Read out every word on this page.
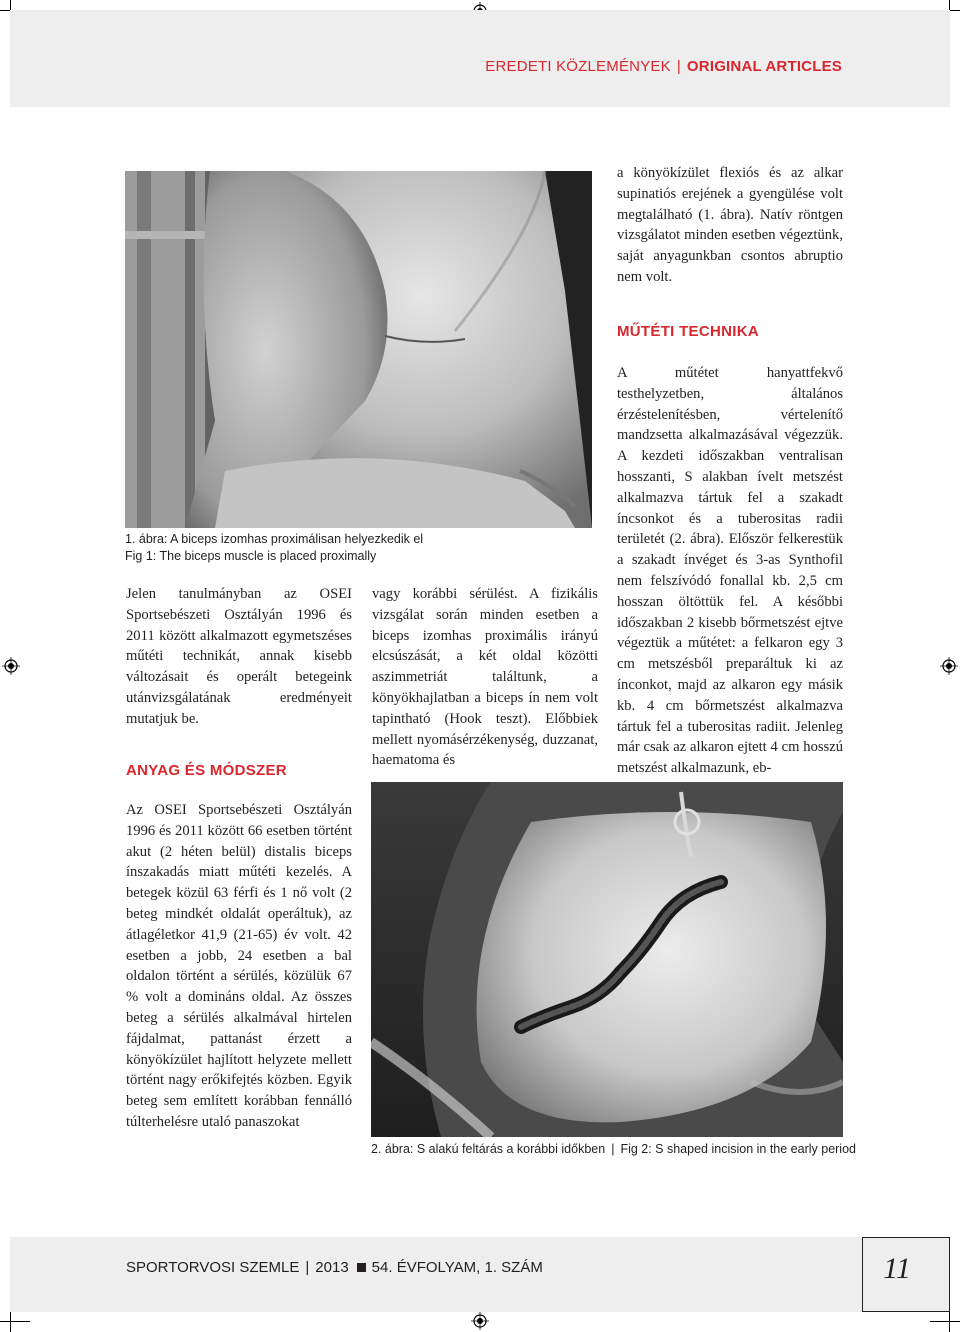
EREDETI KÖZLEMÉNYEK | ORIGINAL ARTICLES
1. ábra: A biceps izomhas proximálisan helyezkedik el
Fig 1: The biceps muscle is placed proximally

Jelen tanulmányban az OSEI Sportsebészeti Osztályán 1996 és 2011 között alkalmazott egymetszéses műtéti technikát, annak kisebb változásait és operált betegeink utánvizsgálatának eredményeit mutatjuk be.

ANYAG ÉS MÓDSZER

Az OSEI Sportsebészeti Osztályán 1996 és 2011 között 66 esetben történt akut (2 héten belül) distalis biceps ínszakadás miatt műtéti kezelés. A betegek közül 63 férfi és 1 nő volt (2 beteg mindkét oldalát operáltuk), az átlagéletkor 41,9 (21-65) év volt. 42 esetben a jobb, 24 esetben a bal oldalon történt a sérülés, közülük 67 % volt a domináns oldal. Az összes beteg a sérülés alkalmával hirtelen fájdalmat, pattanást érzett a könyökízület hajlított helyzete mellett történt nagy erőkifejtés közben. Egyik beteg sem említett korábban fennálló túlterhelésre utaló panaszokat

vagy korábbi sérülést. A fizikális vizsgálat során minden esetben a biceps izomhas proximális irányú elcsúszását, a két oldal közötti aszimmetriát találtunk, a könyökhajlatban a biceps ín nem volt tapintható (Hook teszt). Előbbiek mellett nyomásérzékenység, duzzanat, haematoma és

a könyökízület flexiós és az alkar supinatiós erejének a gyengülése volt megtalálható (1. ábra). Natív röntgen vizsgálatot minden esetben végeztünk, saját anyagunkban csontos abruptio nem volt.

MŰTÉTI TECHNIKA

A műtétet hanyattfekvő testhelyzetben, általános érzéstelenítésben, vértelenítő mandzsetta alkalmazásával végezzük. A kezdeti időszakban ventralisan hosszanti, S alakban ívelt metszést alkalmazva tártuk fel a szakadt íncsonkot és a tuberositas radii területét (2. ábra). Először felkerestük a szakadt ínvéget és 3-as Synthofil nem felszívódó fonallal kb. 2,5 cm hosszan öltöttük fel. A későbbi időszakban 2 kisebb bőrmetszést ejtve végeztük a műtétet: a felkaron egy 3 cm metszésből preparáltuk ki az ínconkot, majd az alkaron egy másik kb. 4 cm bőrmetszést alkalmazva tártuk fel a tuberositas radiit. Jelenleg már csak az alkaron ejtett 4 cm hosszú metszést alkalmazunk, eb-

2. ábra: S alakú feltárás a korábbi időkben | Fig 2: S shaped incision in the early period
SPORTORVOSI SZEMLE | 2013 54. ÉVFOLYAM, 1. SZÁM	11
